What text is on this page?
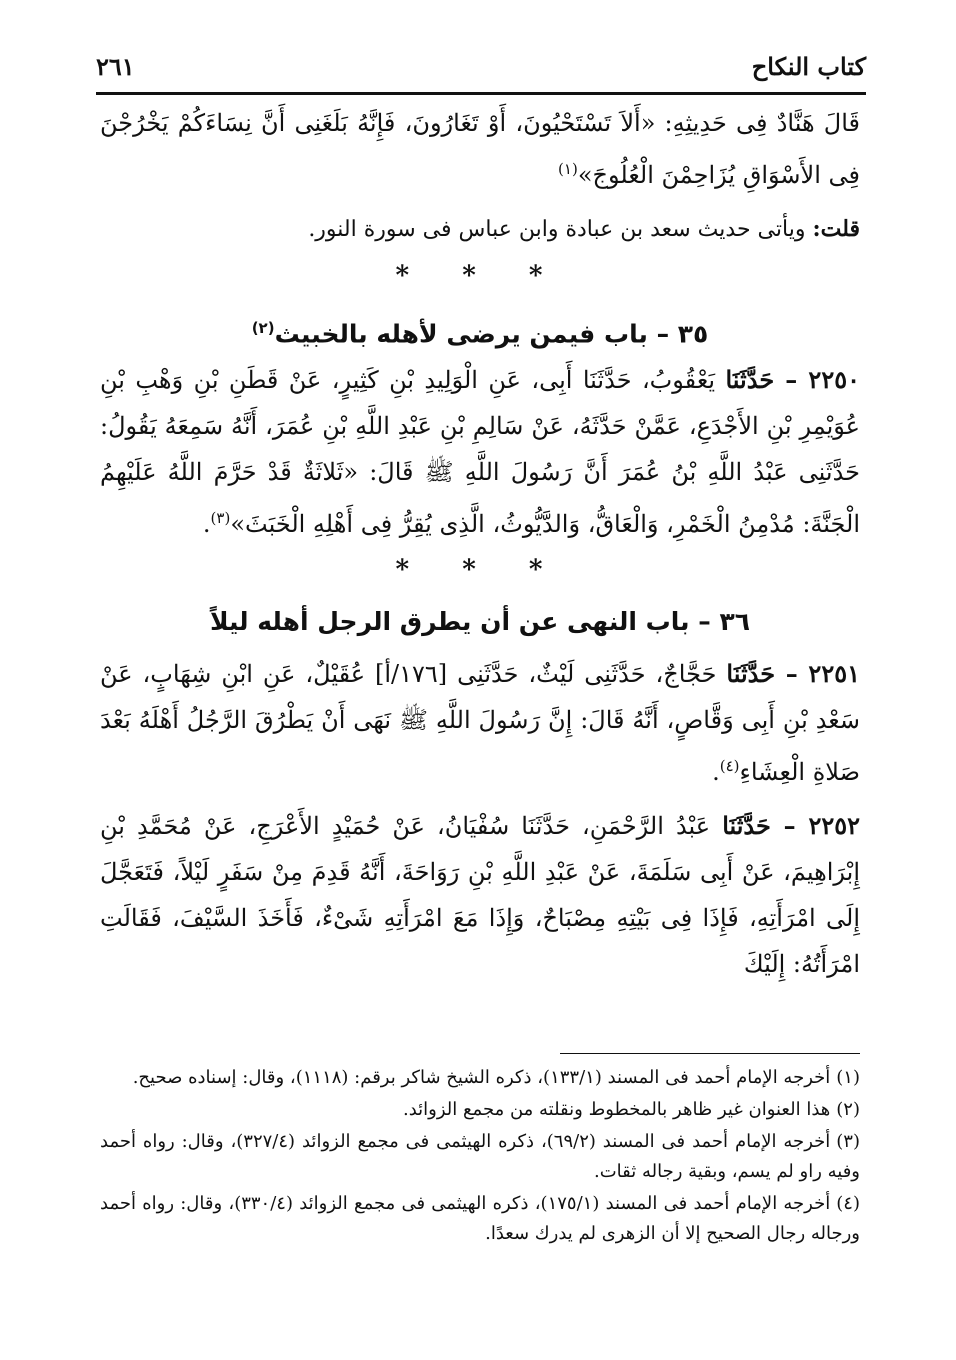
كتاب النكاح
٢٦١

قَالَ هَنَّادٌ فِى حَدِيثِهِ: «أَلاَ تَسْتَحْيُونَ، أَوْ تَغَارُونَ، فَإِنَّهُ بَلَغَنِى أَنَّ نِسَاءَكُمْ يَخْرُجْنَ فِى الأَسْوَاقِ يُزَاحِمْنَ الْعُلُوجَ»$^{(١)}$

قلت: ويأتى حديث سعد بن عبادة وابن عباس فى سورة النور.

* * *

٣٥ – باب فيمن يرضى لأهله بالخبيث$^{(٢)}$

٢٢٥٠ – حَدَّثَنَا يَعْقُوبُ، حَدَّثَنَا أَبِى، عَنِ الْوَلِيدِ بْنِ كَثِيرٍ، عَنْ قَطَنِ بْنِ وَهْبِ بْنِ عُوَيْمِرِ بْنِ الأَجْدَعِ، عَمَّنْ حَدَّثَهُ، عَنْ سَالِمِ بْنِ عَبْدِ اللَّهِ بْنِ عُمَرَ، أَنَّهُ سَمِعَهُ يَقُولُ: حَدَّثَنِى عَبْدُ اللَّهِ بْنُ عُمَرَ أَنَّ رَسُولَ اللَّهِ ﷺ قَالَ: «ثَلاثَةٌ قَدْ حَرَّمَ اللَّهُ عَلَيْهِمُ الْجَنَّةَ: مُدْمِنُ الْخَمْرِ، وَالْعَاقُّ، وَالدَّيُّوثُ، الَّذِى يُقِرُّ فِى أَهْلِهِ الْخَبَثَ»$^{(٣)}$.

* * *

٣٦ – باب النهى عن أن يطرق الرجل أهله ليلاً

٢٢٥١ – حَدَّثَنَا حَجَّاجٌ، حَدَّثَنِى لَيْثٌ، حَدَّثَنِى [١٧٦/أ] عُقَيْلٌ، عَنِ ابْنِ شِهَابٍ، عَنْ سَعْدِ بْنِ أَبِى وَقَّاصٍ، أَنَّهُ قَالَ: إِنَّ رَسُولَ اللَّهِ ﷺ نَهَى أَنْ يَطْرُقَ الرَّجُلُ أَهْلَهُ بَعْدَ صَلاةِ الْعِشَاءِ$^{(٤)}$.

٢٢٥٢ – حَدَّثَنَا عَبْدُ الرَّحْمَنِ، حَدَّثَنَا سُفْيَانُ، عَنْ حُمَيْدٍ الأَعْرَجِ، عَنْ مُحَمَّدِ بْنِ إِبْرَاهِيمَ، عَنْ أَبِى سَلَمَةَ، عَنْ عَبْدِ اللَّهِ بْنِ رَوَاحَةَ، أَنَّهُ قَدِمَ مِنْ سَفَرٍ لَيْلاً، فَتَعَجَّلَ إِلَى امْرَأَتِهِ، فَإِذَا فِى بَيْتِهِ مِصْبَاحٌ، وَإِذَا مَعَ امْرَأَتِهِ شَىْءٌ، فَأَخَذَ السَّيْفَ، فَقَالَتِ امْرَأَتُهُ: إِلَيْكَ

(١)أخرجه الإمام أحمد فى المسند (١٣٣/١)، ذكره الشيخ شاكر برقم: (١١١٨)، وقال: إسناده صحيح.

(٢)هذا العنوان غير ظاهر بالمخطوط ونقلته من مجمع الزوائد.

(٣)أخرجه الإمام أحمد فى المسند (٦٩/٢)، ذكره الهيثمى فى مجمع الزوائد (٣٢٧/٤)، وقال: رواه أحمد وفيه راو لم يسم، وبقية رجاله ثقات.

(٤)أخرجه الإمام أحمد فى المسند (١٧٥/١)، ذكره الهيثمى فى مجمع الزوائد (٣٣٠/٤)، وقال: رواه أحمد ورجاله رجال الصحيح إلا أن الزهرى لم يدرك سعدًا.
